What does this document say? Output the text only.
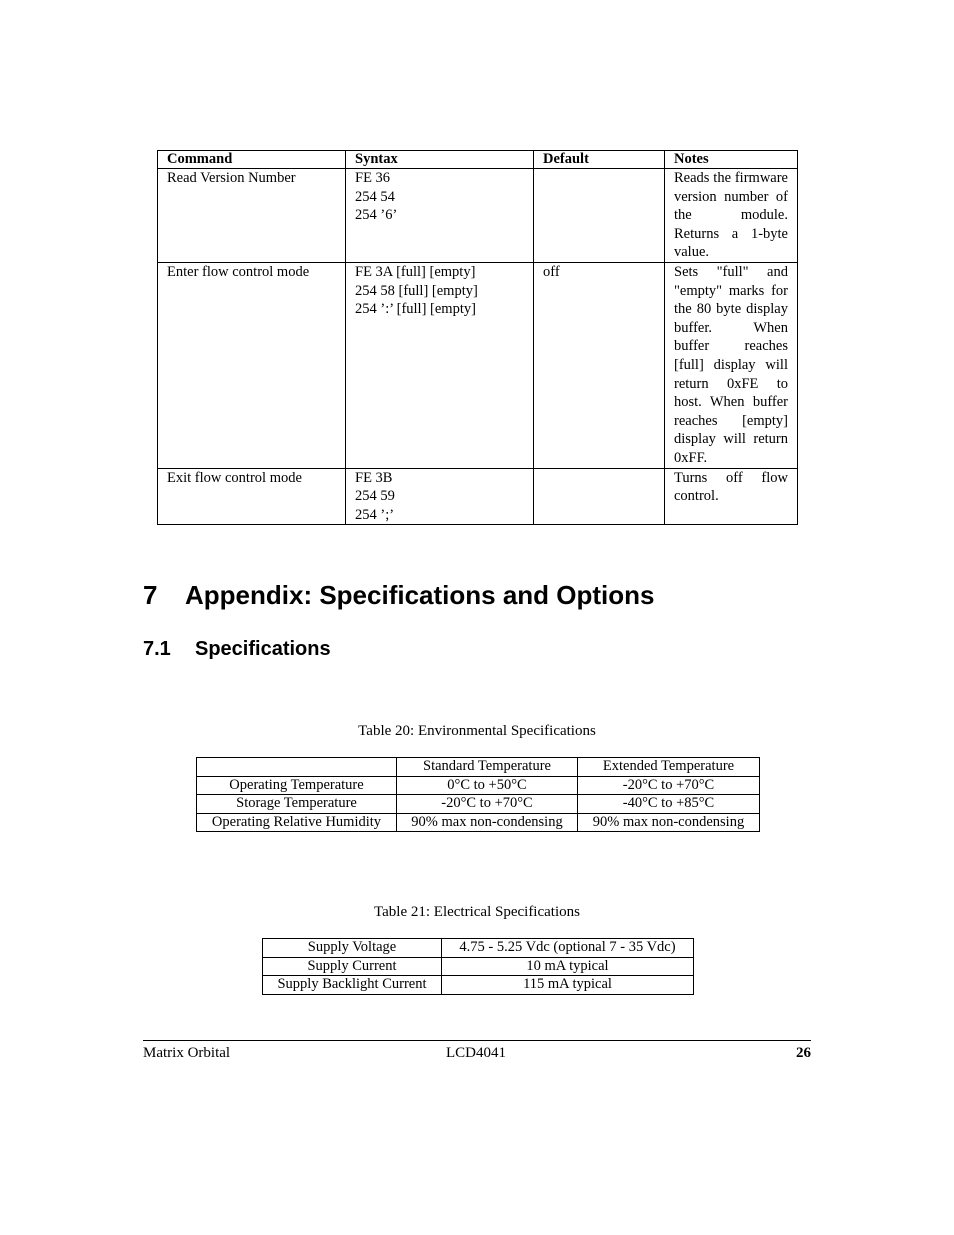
Command	Syntax	Default	Notes
Read Version Number	FE 36
254 54
254 ’6’		Reads the firmware version number of the module. Returns a 1-byte value.
Enter flow control mode	FE 3A [full] [empty]
254 58 [full] [empty]
254 ’:’ [full] [empty]	off	Sets "full" and "empty" marks for the 80 byte display buffer. When buffer reaches [full] display will return 0xFE to host. When buffer reaches [empty] display will return 0xFF.
Exit flow control mode	FE 3B
254 59
254 ’;’		Turns off flow control.
7 Appendix: Specifications and Options
7.1 Specifications
Table 20: Environmental Specifications
	Standard Temperature	Extended Temperature
Operating Temperature	0°C to +50°C	-20°C to +70°C
Storage Temperature	-20°C to +70°C	-40°C to +85°C
Operating Relative Humidity	90% max non-condensing	90% max non-condensing
Table 21: Electrical Specifications
Supply Voltage	4.75 - 5.25 Vdc (optional 7 - 35 Vdc)
Supply Current	10 mA typical
Supply Backlight Current	115 mA typical
Matrix Orbital	LCD4041	26
